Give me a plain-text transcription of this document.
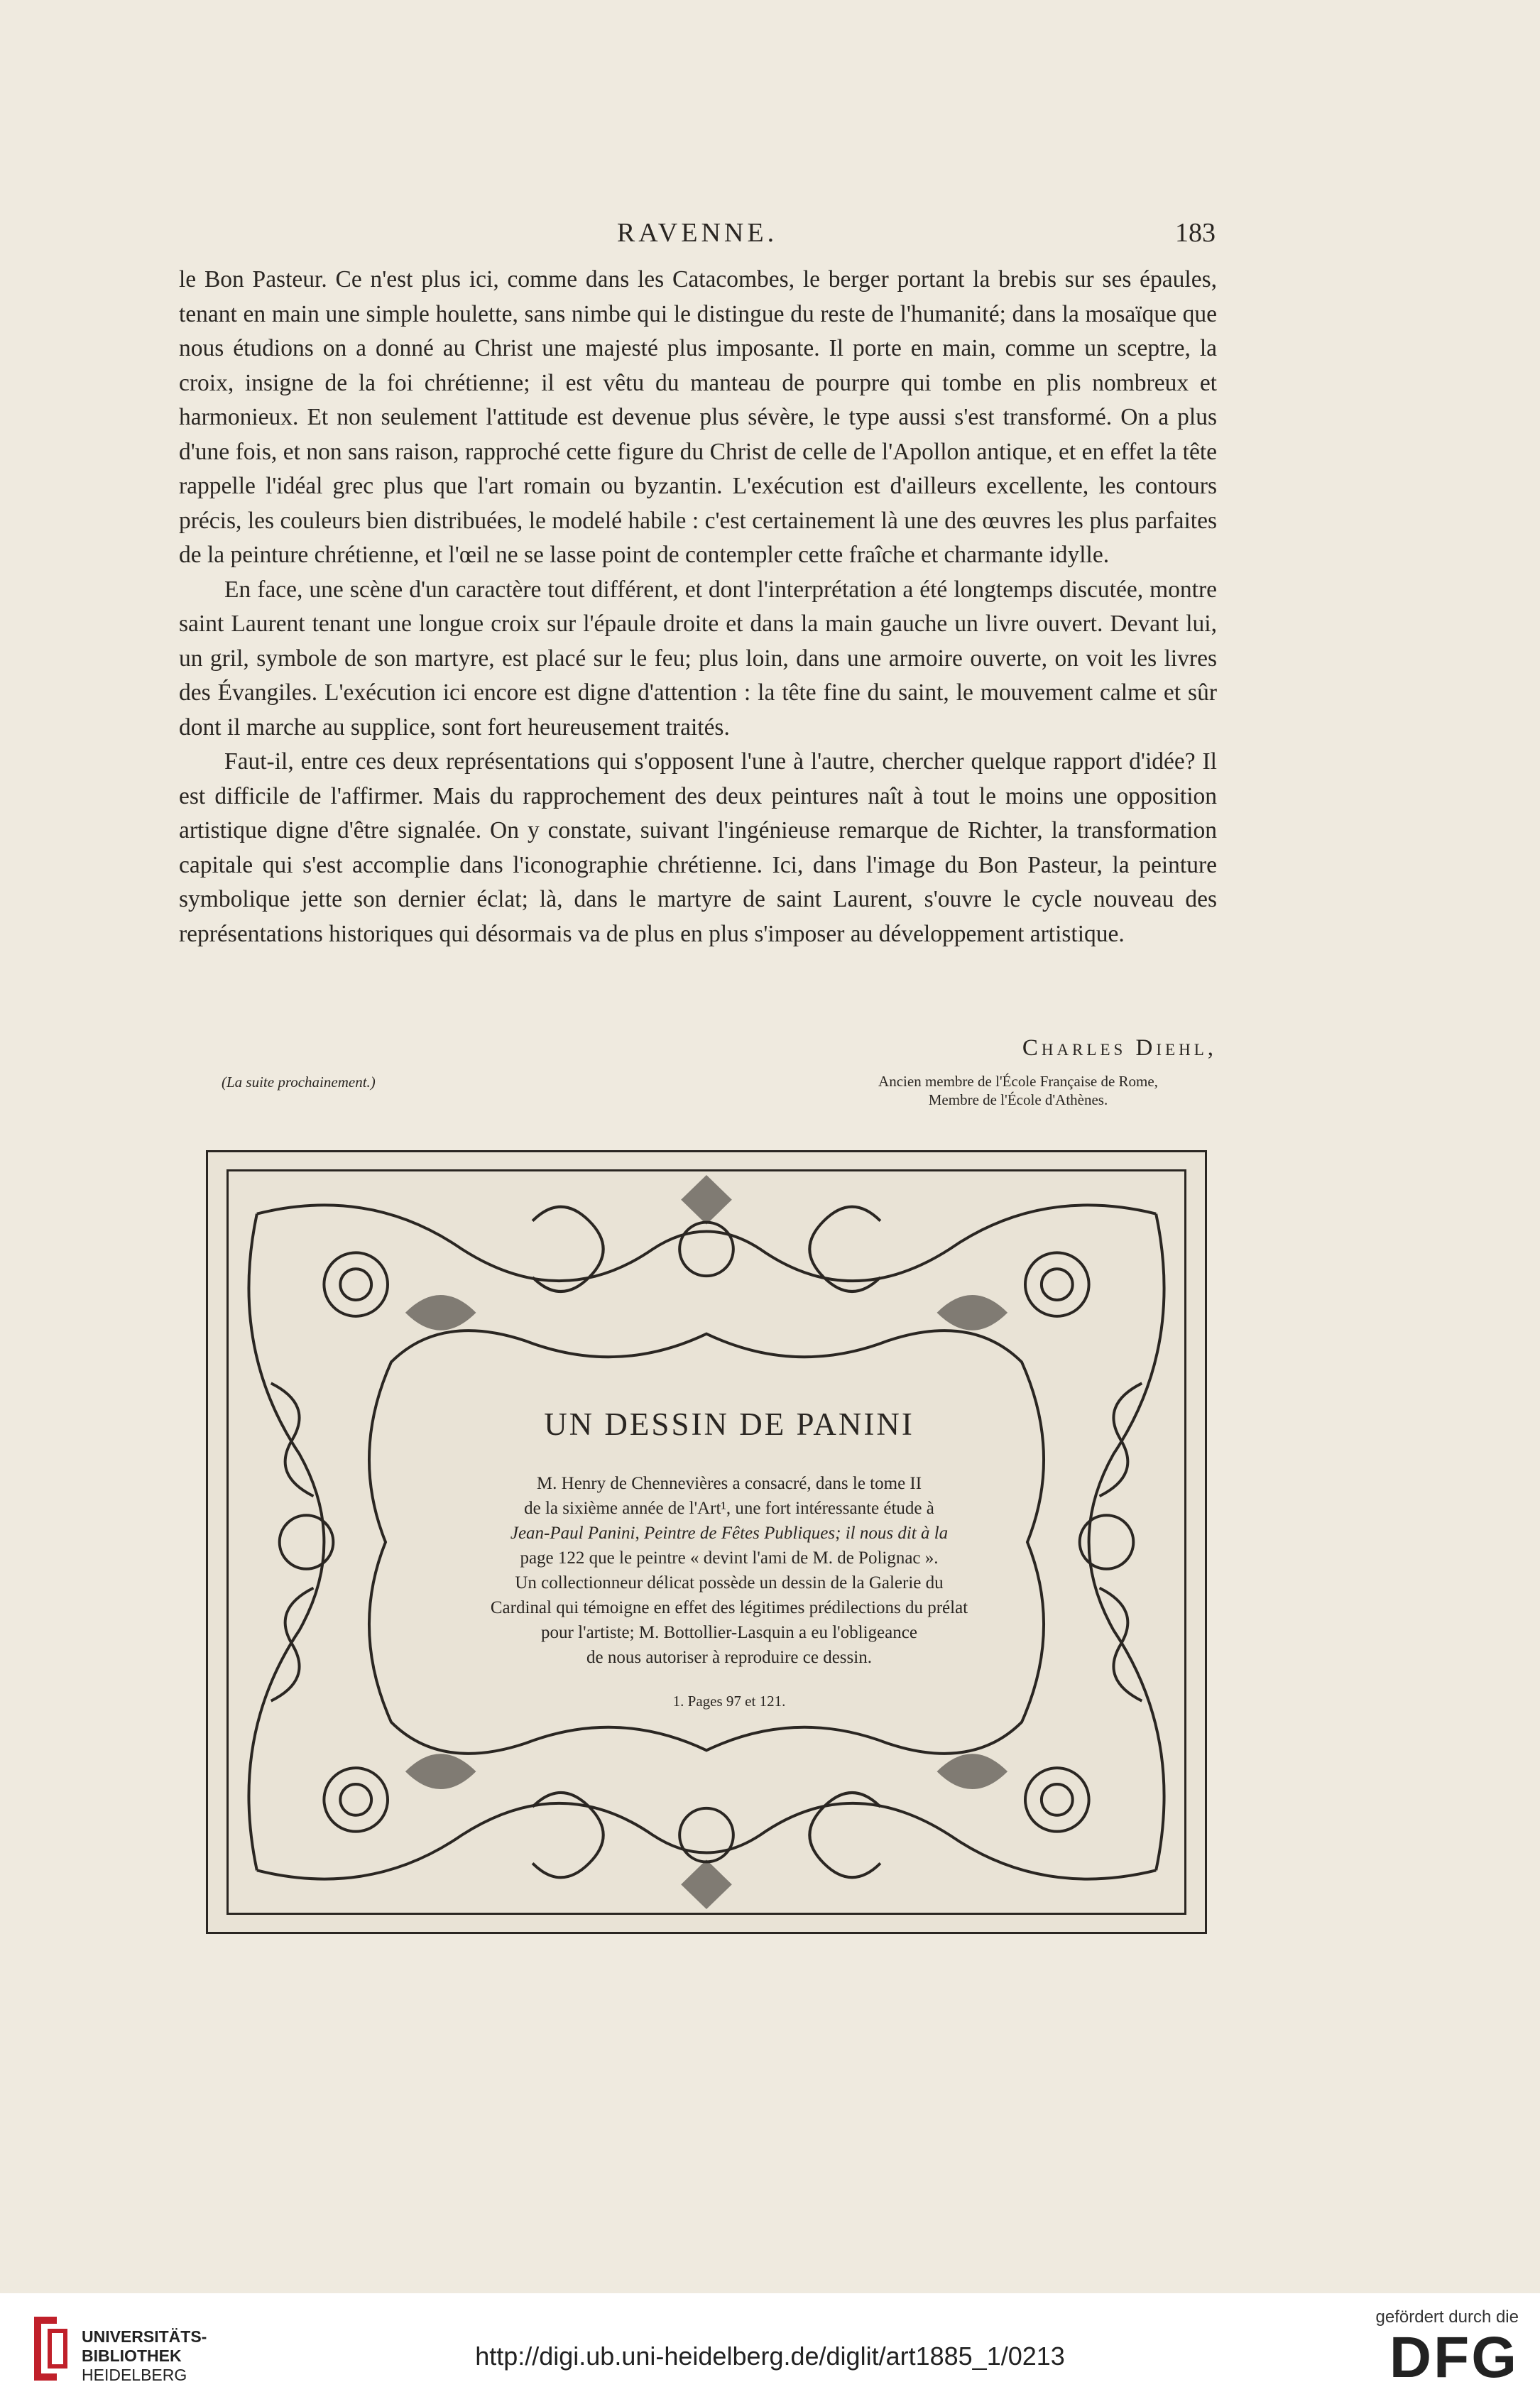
RAVENNE.	183

le Bon Pasteur. Ce n'est plus ici, comme dans les Catacombes, le berger portant la brebis sur ses épaules, tenant en main une simple houlette, sans nimbe qui le distingue du reste de l'humanité; dans la mosaïque que nous étudions on a donné au Christ une majesté plus imposante. Il porte en main, comme un sceptre, la croix, insigne de la foi chrétienne; il est vêtu du manteau de pourpre qui tombe en plis nombreux et harmonieux. Et non seulement l'attitude est devenue plus sévère, le type aussi s'est transformé. On a plus d'une fois, et non sans raison, rapproché cette figure du Christ de celle de l'Apollon antique, et en effet la tête rappelle l'idéal grec plus que l'art romain ou byzantin. L'exécution est d'ailleurs excellente, les contours précis, les couleurs bien distribuées, le modelé habile : c'est certainement là une des œuvres les plus parfaites de la peinture chrétienne, et l'œil ne se lasse point de contempler cette fraîche et charmante idylle.

En face, une scène d'un caractère tout différent, et dont l'interprétation a été longtemps discutée, montre saint Laurent tenant une longue croix sur l'épaule droite et dans la main gauche un livre ouvert. Devant lui, un gril, symbole de son martyre, est placé sur le feu; plus loin, dans une armoire ouverte, on voit les livres des Évangiles. L'exécution ici encore est digne d'attention : la tête fine du saint, le mouvement calme et sûr dont il marche au supplice, sont fort heureusement traités.

Faut-il, entre ces deux représentations qui s'opposent l'une à l'autre, chercher quelque rapport d'idée? Il est difficile de l'affirmer. Mais du rapprochement des deux peintures naît à tout le moins une opposition artistique digne d'être signalée. On y constate, suivant l'ingénieuse remarque de Richter, la transformation capitale qui s'est accomplie dans l'iconographie chrétienne. Ici, dans l'image du Bon Pasteur, la peinture symbolique jette son dernier éclat; là, dans le martyre de saint Laurent, s'ouvre le cycle nouveau des représentations historiques qui désormais va de plus en plus s'imposer au développement artistique.

Charles Diehl,
Ancien membre de l'École Française de Rome,
Membre de l'École d'Athènes.
(La suite prochainement.)
UN DESSIN DE PANINI
M. Henry de Chennevières a consacré, dans le tome II
de la sixième année de l'Art¹, une fort intéressante étude à
Jean-Paul Panini, Peintre de Fêtes Publiques; il nous dit à la
page 122 que le peintre « devint l'ami de M. de Polignac ».
Un collectionneur délicat possède un dessin de la Galerie du
Cardinal qui témoigne en effet des légitimes prédilections du prélat
pour l'artiste; M. Bottollier-Lasquin a eu l'obligeance
de nous autoriser à reproduire ce dessin.
1. Pages 97 et 121.
UNIVERSITÄTS-
BIBLIOTHEK
HEIDELBERG
http://digi.ub.uni-heidelberg.de/diglit/art1885_1/0213
gefördert durch die
DFG
